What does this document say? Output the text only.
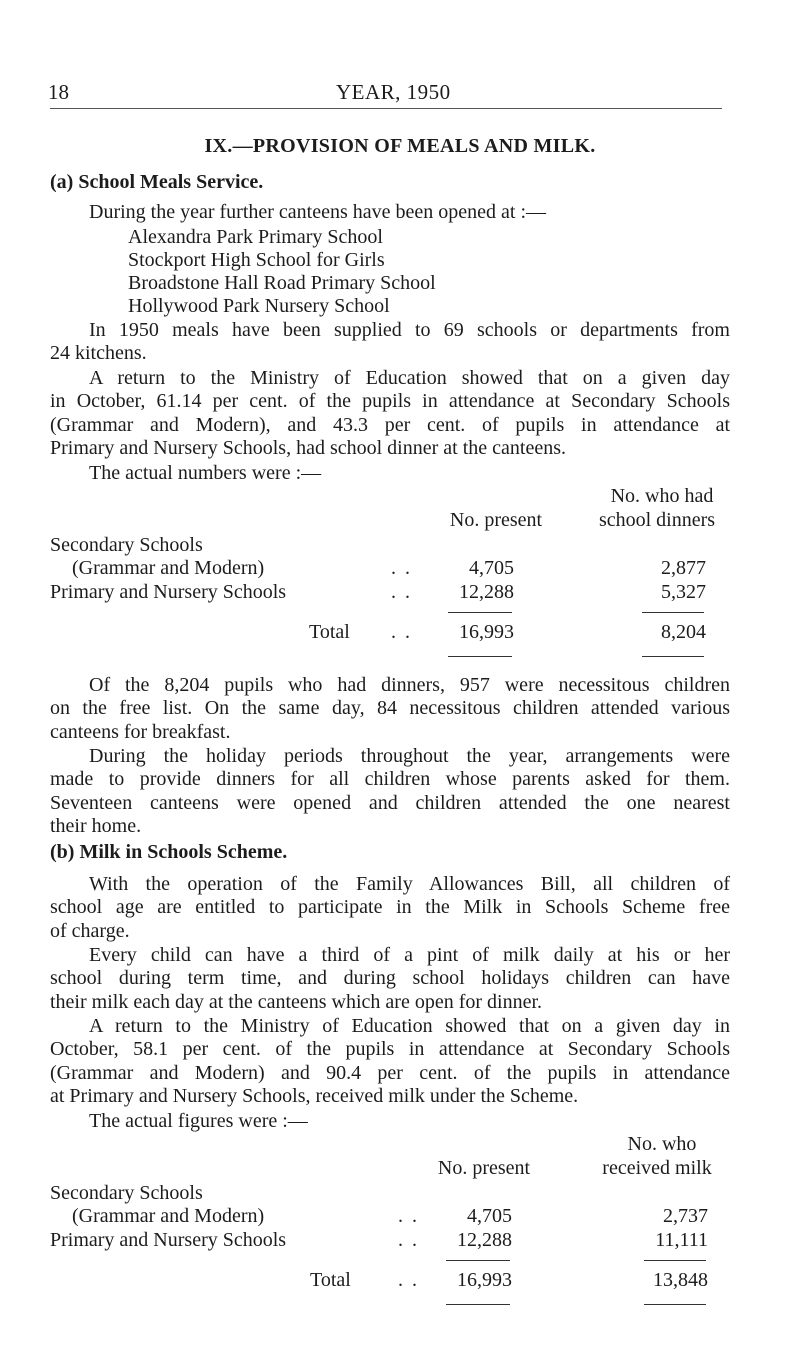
18	YEAR, 1950
IX.—PROVISION OF MEALS AND MILK.
(a) School Meals Service.
During the year further canteens have been opened at :—
Alexandra Park Primary School
Stockport High School for Girls
Broadstone Hall Road Primary School
Hollywood Park Nursery School
In 1950 meals have been supplied to 69 schools or departments from
24 kitchens.
A return to the Ministry of Education showed that on a given day
in October, 61.14 per cent. of the pupils in attendance at Secondary Schools
(Grammar and Modern), and 43.3 per cent. of pupils in attendance at
Primary and Nursery Schools, had school dinner at the canteens.
The actual numbers were :—
No. who had
No. present	school dinners
Secondary Schools
(Grammar and Modern)	. .	4,705	2,877
Primary and Nursery Schools	. .	12,288	5,327
Total . .	16,993	8,204
Of the 8,204 pupils who had dinners, 957 were necessitous children
on the free list. On the same day, 84 necessitous children attended various
canteens for breakfast.
During the holiday periods throughout the year, arrangements were
made to provide dinners for all children whose parents asked for them.
Seventeen canteens were opened and children attended the one nearest
their home.
(b) Milk in Schools Scheme.
With the operation of the Family Allowances Bill, all children of
school age are entitled to participate in the Milk in Schools Scheme free
of charge.
Every child can have a third of a pint of milk daily at his or her
school during term time, and during school holidays children can have
their milk each day at the canteens which are open for dinner.
A return to the Ministry of Education showed that on a given day in
October, 58.1 per cent. of the pupils in attendance at Secondary Schools
(Grammar and Modern) and 90.4 per cent. of the pupils in attendance
at Primary and Nursery Schools, received milk under the Scheme.
The actual figures were :—
No. who
No. present	received milk
Secondary Schools
(Grammar and Modern)	. .	4,705	2,737
Primary and Nursery Schools	. .	12,288	11,111
Total . .	16,993	13,848
